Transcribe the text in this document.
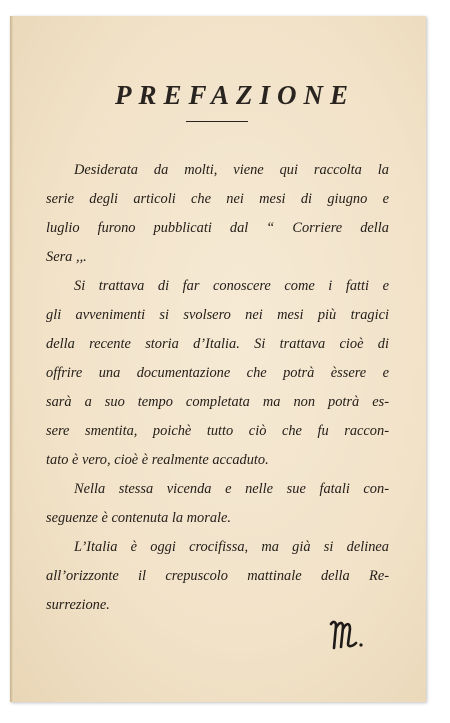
PREFAZIONE
Desiderata da molti, viene qui raccolta la
serie degli articoli che nei mesi di giugno e
luglio furono pubblicati dal “ Corriere della
Sera ,,.
Si trattava di far conoscere come i fatti e
gli avvenimenti si svolsero nei mesi più tragici
della recente storia d’Italia. Si trattava cioè di
offrire una documentazione che potrà èssere e
sarà a suo tempo completata ma non potrà es-
sere smentita, poichè tutto ciò che fu raccon-
tato è vero, cioè è realmente accaduto.
Nella stessa vicenda e nelle sue fatali con-
seguenze è contenuta la morale.
L’Italia è oggi crocifissa, ma già si delinea
all’orizzonte il crepuscolo mattinale della Re-
surrezione.
